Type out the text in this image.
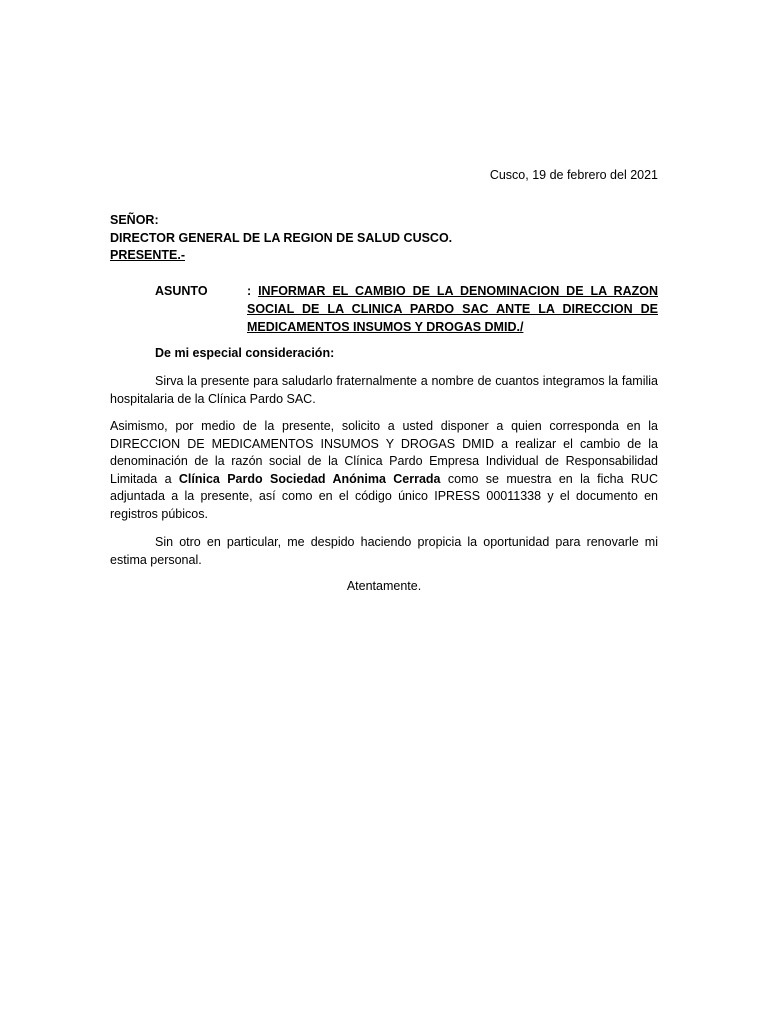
Cusco, 19 de febrero del 2021
SEÑOR:
DIRECTOR GENERAL DE LA REGION DE SALUD CUSCO.
PRESENTE.-
ASUNTO	: INFORMAR EL CAMBIO DE LA DENOMINACION DE LA RAZON SOCIAL DE LA CLINICA PARDO SAC ANTE LA DIRECCION DE MEDICAMENTOS INSUMOS Y DROGAS DMID./
De mi especial consideración:
Sirva la presente para saludarlo fraternalmente a nombre de cuantos integramos la familia hospitalaria de la Clínica Pardo SAC.
Asimismo, por medio de la presente, solicito a usted disponer a quien corresponda en la DIRECCION DE MEDICAMENTOS INSUMOS Y DROGAS DMID a realizar el cambio de la denominación de la razón social de la Clínica Pardo Empresa Individual de Responsabilidad Limitada a Clínica Pardo Sociedad Anónima Cerrada como se muestra en la ficha RUC adjuntada a la presente, así como en el código único IPRESS 00011338 y el documento en registros púbicos.
Sin otro en particular, me despido haciendo propicia la oportunidad para renovarle mi estima personal.
Atentamente.
